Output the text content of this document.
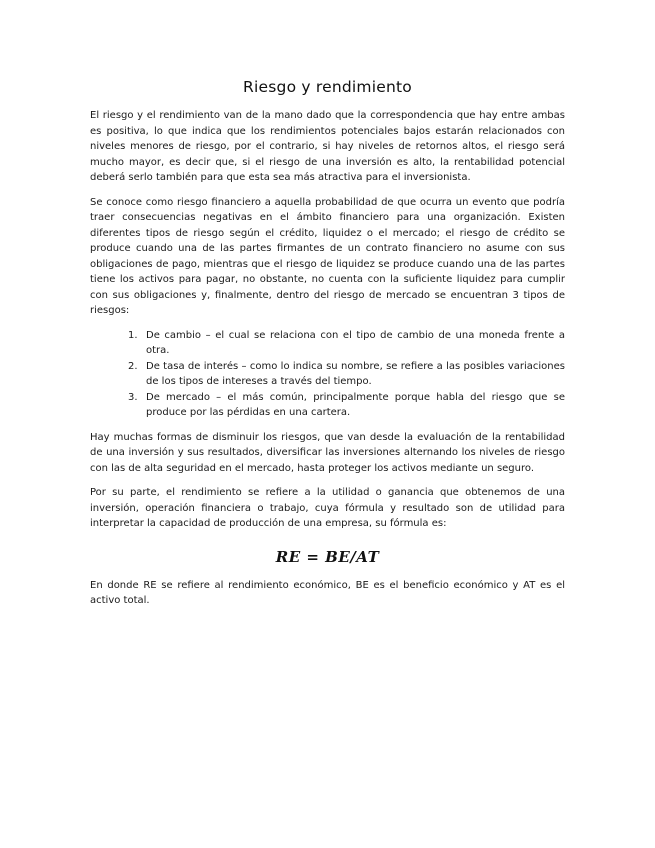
Riesgo y rendimiento

El riesgo y el rendimiento van de la mano dado que la correspondencia que hay entre ambas es positiva, lo que indica que los rendimientos potenciales bajos estarán relacionados con niveles menores de riesgo, por el contrario, si hay niveles de retornos altos, el riesgo será mucho mayor, es decir que, si el riesgo de una inversión es alto, la rentabilidad potencial deberá serlo también para que esta sea más atractiva para el inversionista.

Se conoce como riesgo financiero a aquella probabilidad de que ocurra un evento que podría traer consecuencias negativas en el ámbito financiero para una organización. Existen diferentes tipos de riesgo según el crédito, liquidez o el mercado; el riesgo de crédito se produce cuando una de las partes firmantes de un contrato financiero no asume con sus obligaciones de pago, mientras que el riesgo de liquidez se produce cuando una de las partes tiene los activos para pagar, no obstante, no cuenta con la suficiente liquidez para cumplir con sus obligaciones y, finalmente, dentro del riesgo de mercado se encuentran 3 tipos de riesgos:

1. De cambio – el cual se relaciona con el tipo de cambio de una moneda frente a otra.
2. De tasa de interés – como lo indica su nombre, se refiere a las posibles variaciones de los tipos de intereses a través del tiempo.
3. De mercado – el más común, principalmente porque habla del riesgo que se produce por las pérdidas en una cartera.

Hay muchas formas de disminuir los riesgos, que van desde la evaluación de la rentabilidad de una inversión y sus resultados, diversificar las inversiones alternando los niveles de riesgo con las de alta seguridad en el mercado, hasta proteger los activos mediante un seguro.

Por su parte, el rendimiento se refiere a la utilidad o ganancia que obtenemos de una inversión, operación financiera o trabajo, cuya fórmula y resultado son de utilidad para interpretar la capacidad de producción de una empresa, su fórmula es:

RE = BE/AT

En donde RE se refiere al rendimiento económico, BE es el beneficio económico y AT es el activo total.
